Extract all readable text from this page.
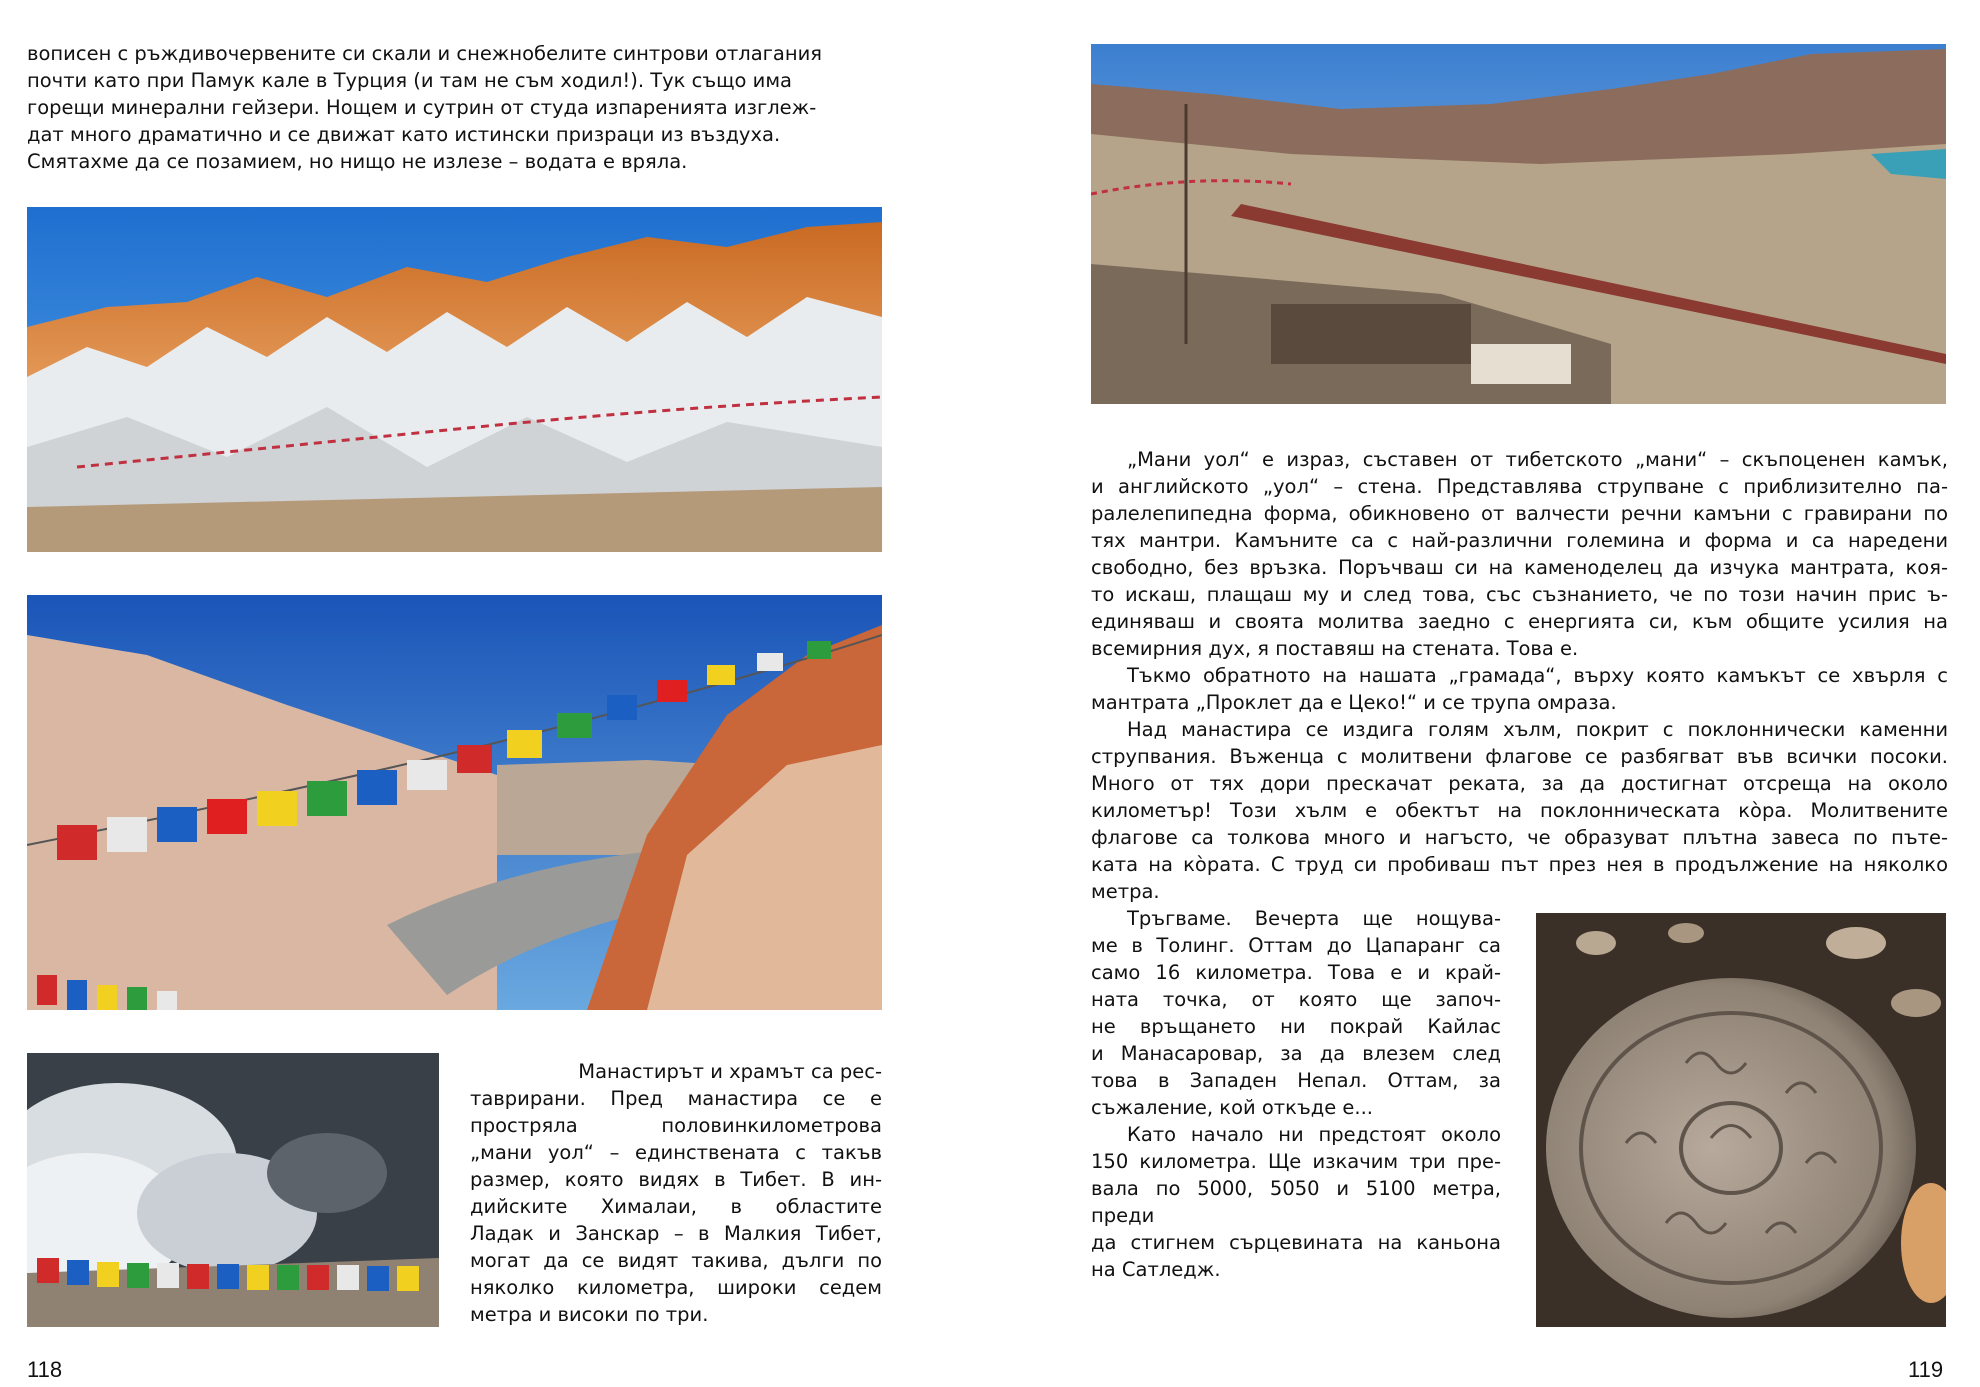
вописен с ръждивочервените си скали и снежнобелите синтрови отлагания
почти като при Памук кале в Турция (и там не съм ходил!). Тук също има
горещи минерални гейзери. Нощем и сутрин от студа изпаренията изглеж-
дат много драматично и се движат като истински призраци из въздуха.
Смятахме да се позамием, но нищо не излезе – водата е вряла.
Манастирът и храмът са рес-
таврирани. Пред манастира се е
простряла половинкилометрова
„мани уол“ – единствената с такъв
размер, която видях в Тибет. В ин-
дийските Хималаи, в областите
Ладак и Занскар – в Малкия Тибет,
могат да се видят такива, дълги по
няколко километра, широки седем
метра и високи по три.
118
„Мани уол“ е израз, съставен от тибетското „мани“ – скъпоценен камък,
и английското „уол“ – стена. Представлява струпване с приблизително па-
ралелепипедна форма, обикновено от валчести речни камъни с гравирани по
тях мантри. Камъните са с най-различни големина и форма и са наредени
свободно, без връзка. Поръчваш си на каменоделец да изчука мантрата, коя-
то искаш, плащаш му и след това, със съзнанието, че по този начин прис ъ-
единяваш и своята молитва заедно с енергията си, към общите усилия на
всемирния дух, я поставяш на стената. Това е.
Тъкмо обратното на нашата „грамада“, върху която камъкът се хвърля с
мантрата „Проклет да е Цеко!“ и се трупа омраза.
Над манастира се издига голям хълм, покрит с поклоннически каменни
струпвания. Въженца с молитвени флагове се разбягват във всички посоки.
Много от тях дори прескачат реката, за да достигнат отсреща на около
километър! Този хълм е обектът на поклонническата кòра. Молитвените
флагове са толкова много и нагъсто, че образуват плътна завеса по пъте-
ката на кòрата. С труд си пробиваш път през нея в продължение на няколко
метра.
Тръгваме. Вечерта ще нощува-
ме в Толинг. Оттам до Цапаранг са
само 16 километра. Това е и край-
ната точка, от която ще започ-
не връщането ни покрай Кайлас
и Манасаровар, за да влезем след
това в Западен Непал. Оттам, за
съжаление, кой откъде е...
Като начало ни предстоят около
150 километра. Ще изкачим три пре-
вала по 5000, 5050 и 5100 метра, преди
да стигнем сърцевината на каньона
на Сатледж.
119
